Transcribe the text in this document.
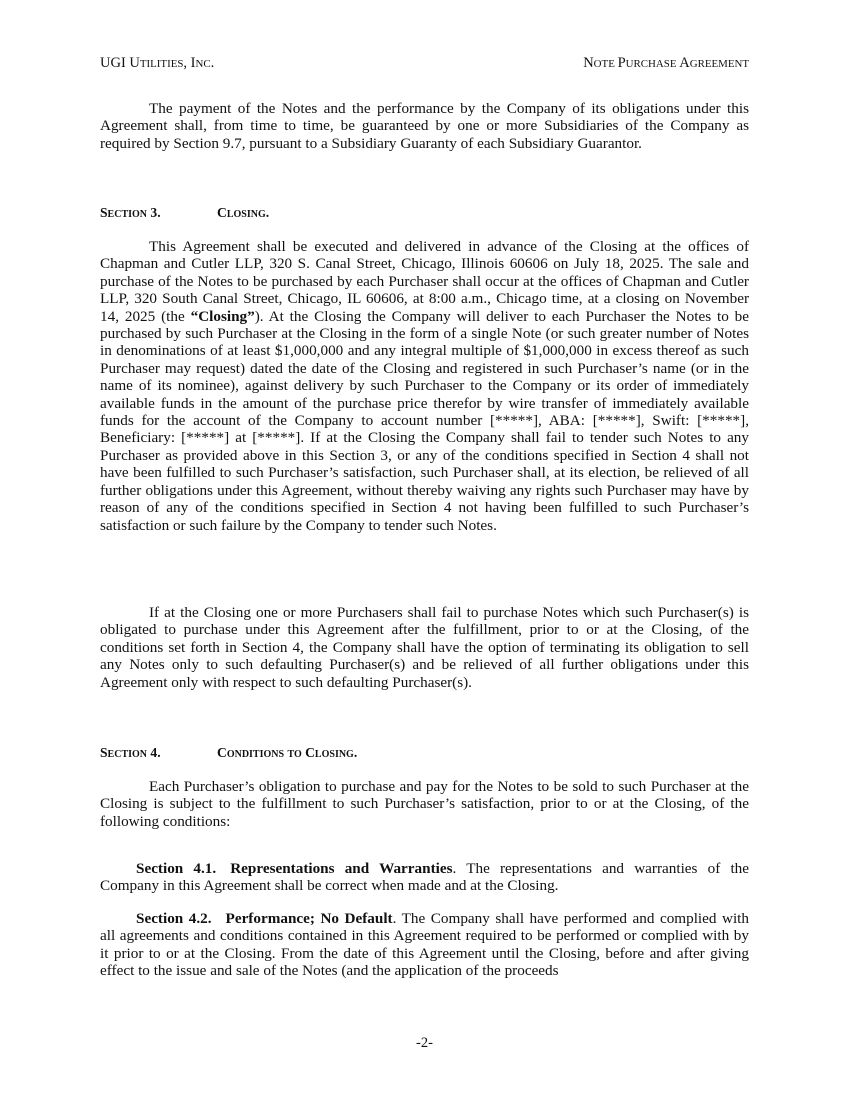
UGI UTILITIES, INC.	NOTE PURCHASE AGREEMENT

The payment of the Notes and the performance by the Company of its obligations under this Agreement shall, from time to time, be guaranteed by one or more Subsidiaries of the Company as required by Section 9.7, pursuant to a Subsidiary Guaranty of each Subsidiary Guarantor.

Section 3.	Closing.

This Agreement shall be executed and delivered in advance of the Closing at the offices of Chapman and Cutler LLP, 320 S. Canal Street, Chicago, Illinois 60606 on July 18, 2025. The sale and purchase of the Notes to be purchased by each Purchaser shall occur at the offices of Chapman and Cutler LLP, 320 South Canal Street, Chicago, IL 60606, at 8:00 a.m., Chicago time, at a closing on November 14, 2025 (the “Closing”). At the Closing the Company will deliver to each Purchaser the Notes to be purchased by such Purchaser at the Closing in the form of a single Note (or such greater number of Notes in denominations of at least $1,000,000 and any integral multiple of $1,000,000 in excess thereof as such Purchaser may request) dated the date of the Closing and registered in such Purchaser’s name (or in the name of its nominee), against delivery by such Purchaser to the Company or its order of immediately available funds in the amount of the purchase price therefor by wire transfer of immediately available funds for the account of the Company to account number [*****], ABA: [*****], Swift: [*****], Beneficiary: [*****] at [*****]. If at the Closing the Company shall fail to tender such Notes to any Purchaser as provided above in this Section 3, or any of the conditions specified in Section 4 shall not have been fulfilled to such Purchaser’s satisfaction, such Purchaser shall, at its election, be relieved of all further obligations under this Agreement, without thereby waiving any rights such Purchaser may have by reason of any of the conditions specified in Section 4 not having been fulfilled to such Purchaser’s satisfaction or such failure by the Company to tender such Notes.

If at the Closing one or more Purchasers shall fail to purchase Notes which such Purchaser(s) is obligated to purchase under this Agreement after the fulfillment, prior to or at the Closing, of the conditions set forth in Section 4, the Company shall have the option of terminating its obligation to sell any Notes only to such defaulting Purchaser(s) and be relieved of all further obligations under this Agreement only with respect to such defaulting Purchaser(s).

Section 4.	Conditions to Closing.

Each Purchaser’s obligation to purchase and pay for the Notes to be sold to such Purchaser at the Closing is subject to the fulfillment to such Purchaser’s satisfaction, prior to or at the Closing, of the following conditions:

Section 4.1. Representations and Warranties. The representations and warranties of the Company in this Agreement shall be correct when made and at the Closing.

Section 4.2. Performance; No Default. The Company shall have performed and complied with all agreements and conditions contained in this Agreement required to be performed or complied with by it prior to or at the Closing. From the date of this Agreement until the Closing, before and after giving effect to the issue and sale of the Notes (and the application of the proceeds

-2-
